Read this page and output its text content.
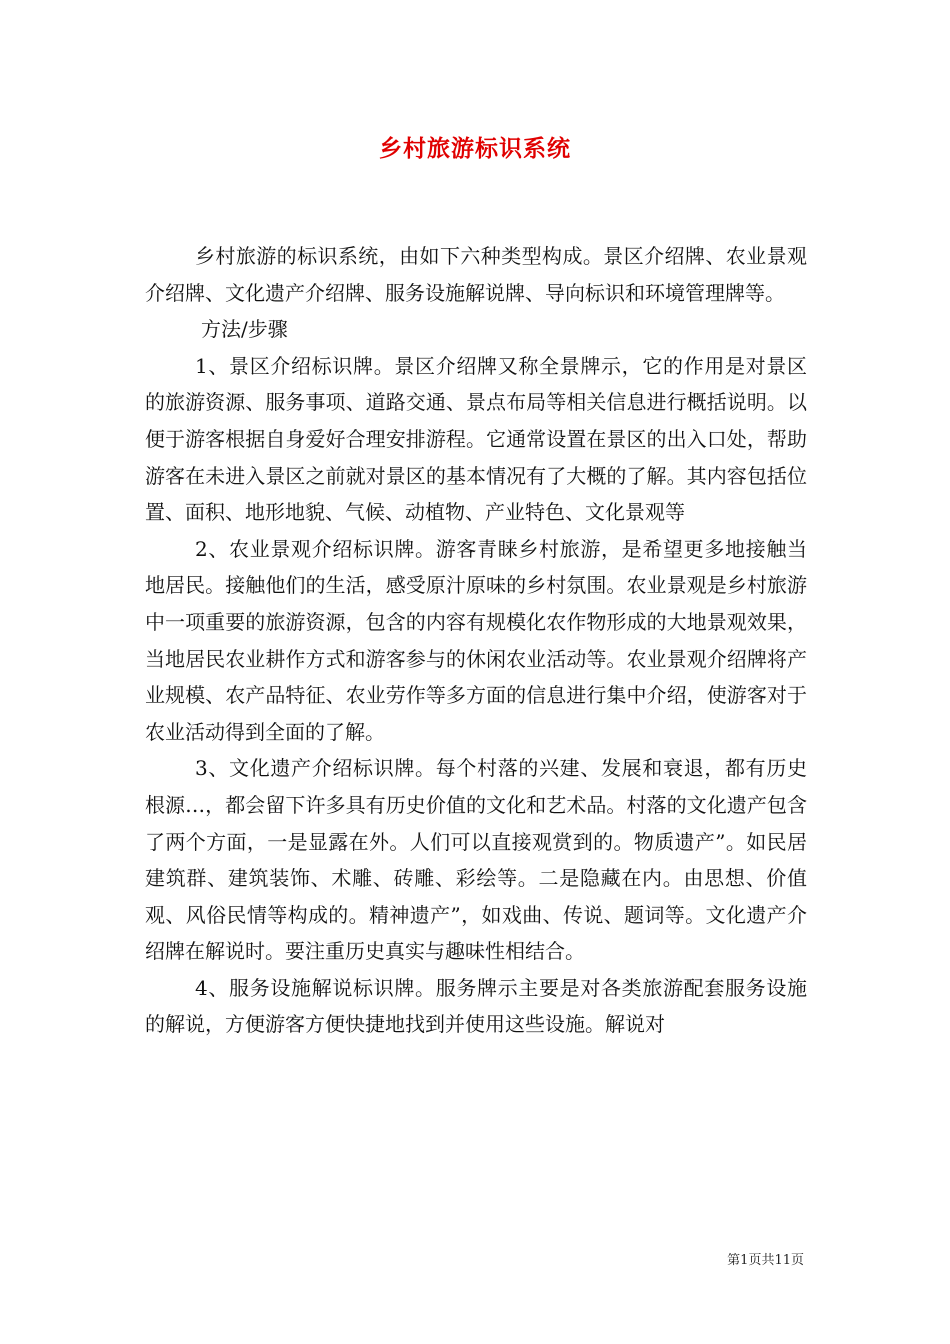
乡村旅游标识系统

乡村旅游的标识系统，由如下六种类型构成。景区介绍牌、农业景观介绍牌、文化遗产介绍牌、服务设施解说牌、导向标识和环境管理牌等。

方法/步骤

1、景区介绍标识牌。景区介绍牌又称全景牌示，它的作用是对景区的旅游资源、服务事项、道路交通、景点布局等相关信息进行概括说明。以便于游客根据自身爱好合理安排游程。它通常设置在景区的出入口处，帮助游客在未进入景区之前就对景区的基本情况有了大概的了解。其内容包括位置、面积、地形地貌、气候、动植物、产业特色、文化景观等

2、农业景观介绍标识牌。游客青睐乡村旅游，是希望更多地接触当地居民。接触他们的生活，感受原汁原味的乡村氛围。农业景观是乡村旅游中一项重要的旅游资源，包含的内容有规模化农作物形成的大地景观效果，当地居民农业耕作方式和游客参与的休闲农业活动等。农业景观介绍牌将产业规模、农产品特征、农业劳作等多方面的信息进行集中介绍，使游客对于农业活动得到全面的了解。

3、文化遗产介绍标识牌。每个村落的兴建、发展和衰退，都有历史根源…，都会留下许多具有历史价值的文化和艺术品。村落的文化遗产包含了两个方面，一是显露在外。人们可以直接观赏到的。物质遗产”。如民居建筑群、建筑装饰、术雕、砖雕、彩绘等。二是隐藏在内。由思想、价值观、风俗民情等构成的。精神遗产”，如戏曲、传说、题词等。文化遗产介绍牌在解说时。要注重历史真实与趣味性相结合。

4、服务设施解说标识牌。服务牌示主要是对各类旅游配套服务设施的解说，方便游客方便快捷地找到并使用这些设施。解说对

第1页共11页
